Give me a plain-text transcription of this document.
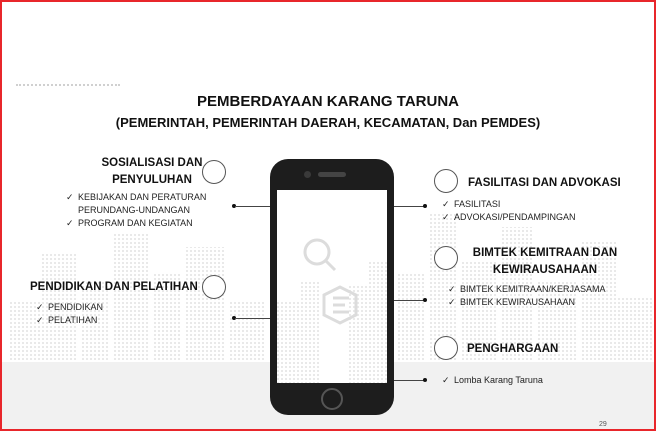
PEMBERDAYAAN KARANG TARUNA
(PEMERINTAH, PEMERINTAH DAERAH, KECAMATAN, Dan PEMDES)
SOSIALISASI DAN
PENYULUHAN
✓ KEBIJAKAN DAN PERATURAN
PERUNDANG-UNDANGAN
✓ PROGRAM DAN KEGIATAN
PENDIDIKAN DAN PELATIHAN
✓ PENDIDIKAN
✓ PELATIHAN
FASILITASI DAN ADVOKASI
✓ FASILITASI
✓ ADVOKASI/PENDAMPINGAN
BIMTEK KEMITRAAN DAN
KEWIRAUSAHAAN
✓ BIMTEK KEMITRAAN/KERJASAMA
✓ BIMTEK KEWIRAUSAHAAN
PENGHARGAAN
✓ Lomba Karang Taruna
29
